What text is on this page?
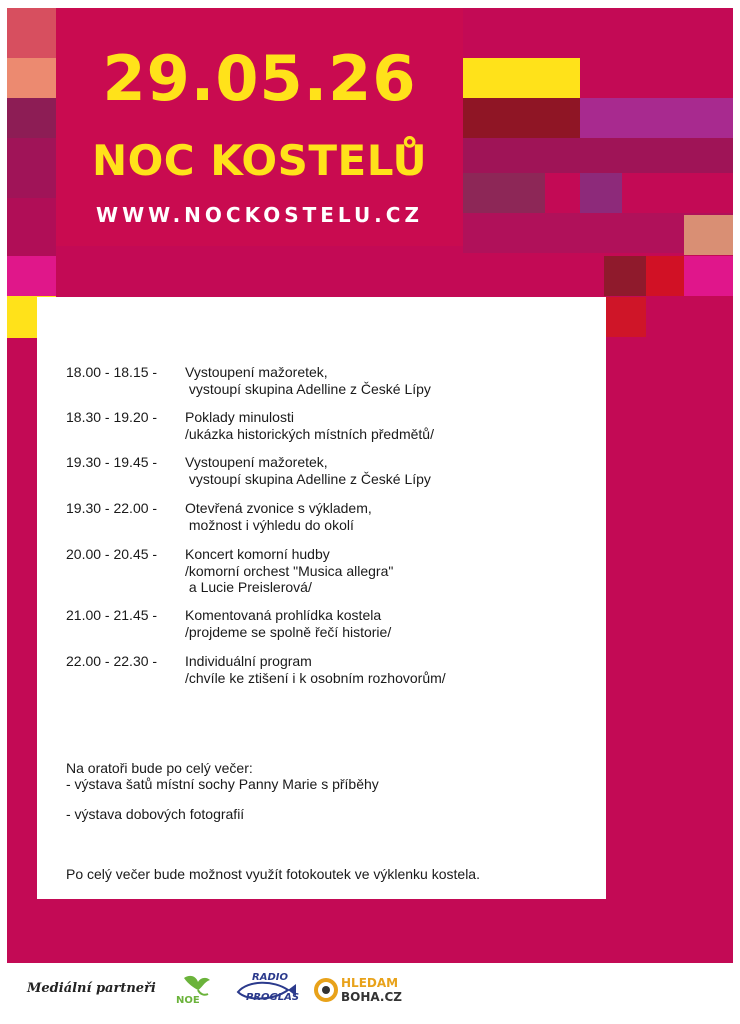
29.05.26
NOC KOSTELŮ
WWW.NOCKOSTELU.CZ
18.00 - 18.15 - Vystoupení mažoretek,
vystoupí skupina Adelline z České Lípy
18.30 - 19.20 - Poklady minulosti
/ukázka historických místních předmětů/
19.30 - 19.45 - Vystoupení mažoretek,
vystoupí skupina Adelline z České Lípy
19.30 - 22.00 - Otevřená zvonice s výkladem,
možnost i výhledu do okolí
20.00 - 20.45 - Koncert komorní hudby
/komorní orchest "Musica allegra"
a Lucie Preislerová/
21.00 - 21.45 - Komentovaná prohlídka kostela
/projdeme se spolně řečí historie/
22.00 - 22.30 - Individuální program
/chvíle ke ztišení i k osobním rozhovorům/
Na oratoři bude po celý večer:
- výstava šatů místní sochy Panny Marie s příběhy
- výstava dobových fotografií
Po celý večer bude možnost využít fotokoutek ve výklenku kostela.
Mediální partneři
NOE
RADIO
PROGLAS
HLEDAM
BOHA.CZ
